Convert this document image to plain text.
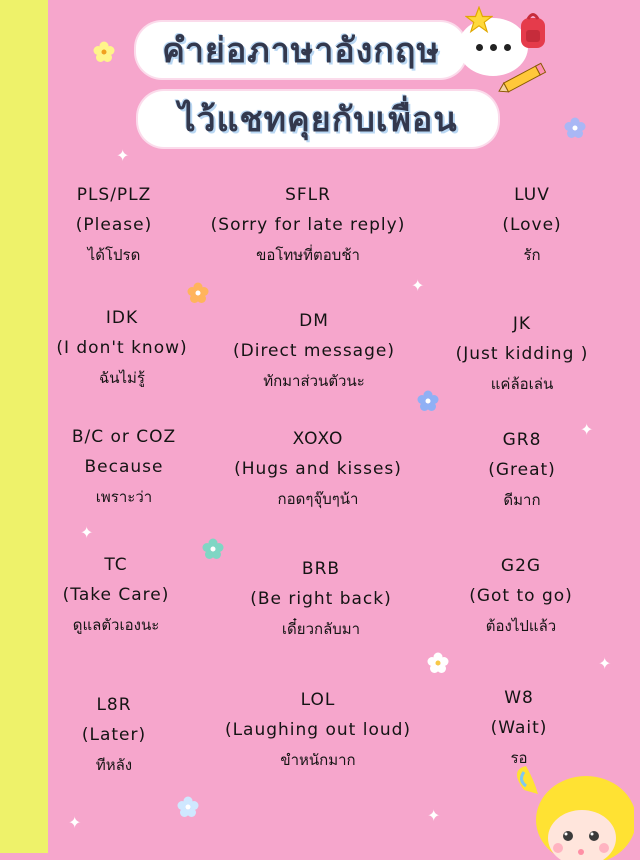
คำย่อภาษาอังกฤษ
ไว้แชทคุยกับเพื่อน
PLS/PLZ
(Please)
ได้โปรด
SFLR
(Sorry for late reply)
ขอโทษที่ตอบช้า
LUV
(Love)
รัก
IDK
(I don't know)
ฉันไม่รู้
DM
(Direct message)
ทักมาส่วนตัวนะ
JK
(Just kidding )
แค่ล้อเล่น
B/C or COZ
Because
เพราะว่า
XOXO
(Hugs and kisses)
กอดๆจุ๊บๆน้า
GR8
(Great)
ดีมาก
TC
(Take Care)
ดูแลตัวเองนะ
BRB
(Be right back)
เดี๋ยวกลับมา
G2G
(Got to go)
ต้องไปแล้ว
L8R
(Later)
ทีหลัง
LOL
(Laughing out loud)
ขำหนักมาก
W8
(Wait)
รอ
✦
✦
✦
✦
✦
✦	✦
